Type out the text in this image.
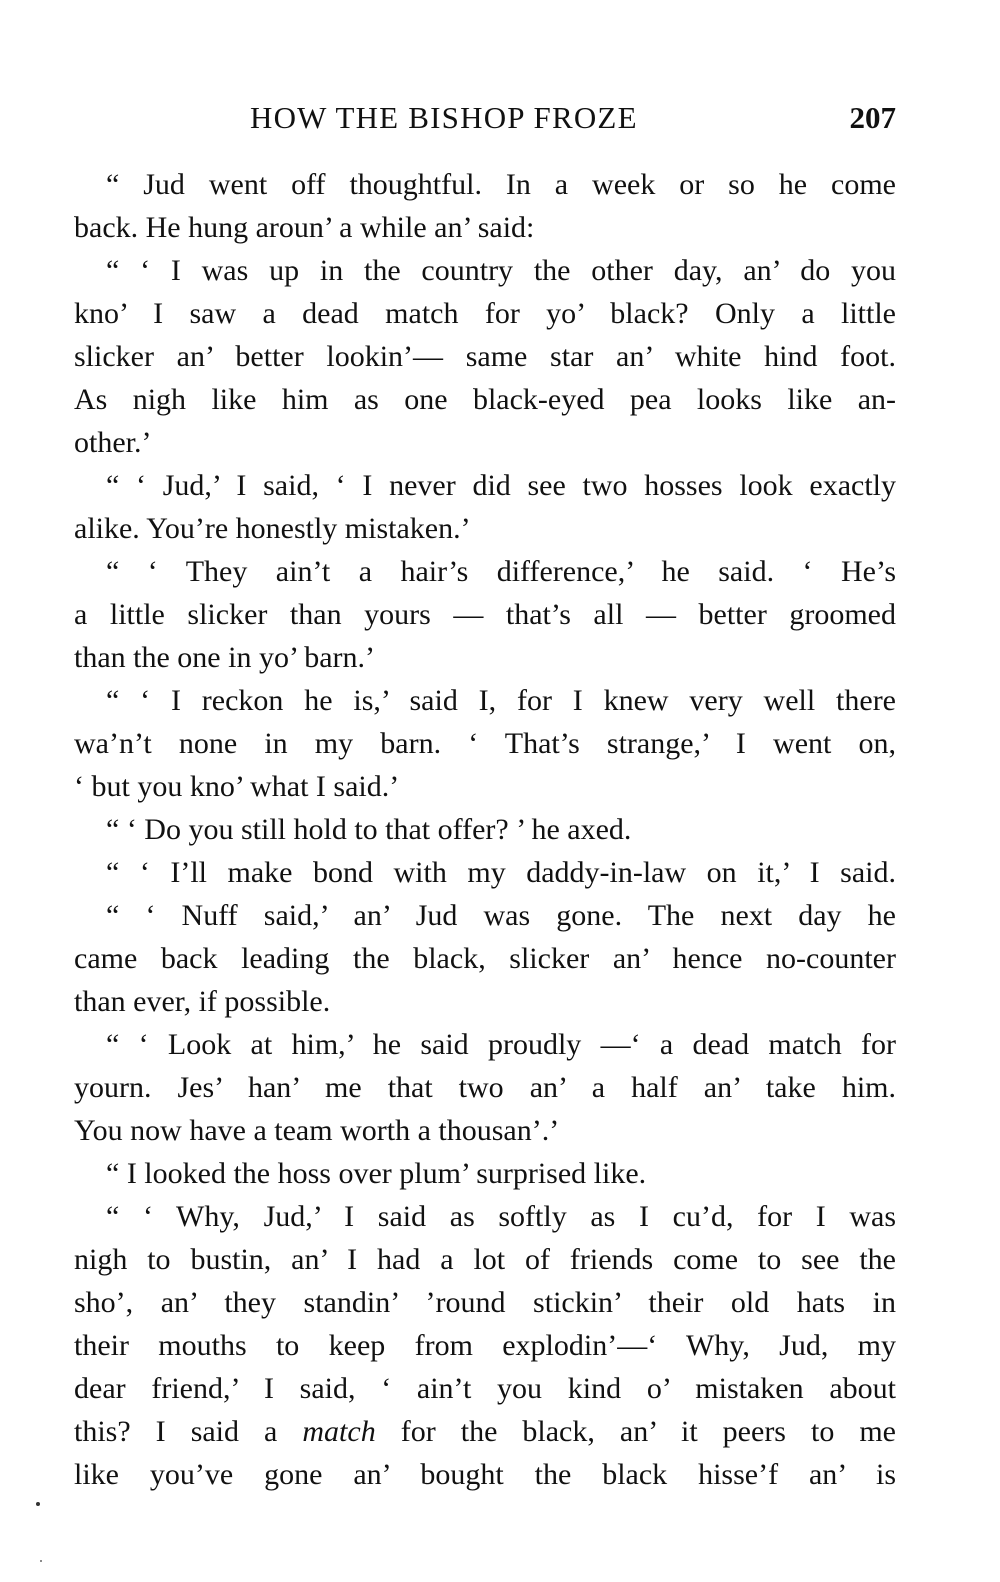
HOW THE BISHOP FROZE	207
“ Jud went off thoughtful. In a week or so he come
back. He hung aroun’ a while an’ said:
“ ‘ I was up in the country the other day, an’ do you
kno’ I saw a dead match for yo’ black? Only a little
slicker an’ better lookin’— same star an’ white hind foot.
As nigh like him as one black-eyed pea looks like an-
other.’
“ ‘ Jud,’ I said, ‘ I never did see two hosses look exactly
alike. You’re honestly mistaken.’
“ ‘ They ain’t a hair’s difference,’ he said. ‘ He’s
a little slicker than yours — that’s all — better groomed
than the one in yo’ barn.’
“ ‘ I reckon he is,’ said I, for I knew very well there
wa’n’t none in my barn. ‘ That’s strange,’ I went on,
‘ but you kno’ what I said.’
“ ‘ Do you still hold to that offer? ’ he axed.
“ ‘ I’ll make bond with my daddy-in-law on it,’ I said.
“ ‘ Nuff said,’ an’ Jud was gone. The next day he
came back leading the black, slicker an’ hence no-counter
than ever, if possible.
“ ‘ Look at him,’ he said proudly —‘ a dead match for
yourn. Jes’ han’ me that two an’ a half an’ take him.
You now have a team worth a thousan’.’
“ I looked the hoss over plum’ surprised like.
“ ‘ Why, Jud,’ I said as softly as I cu’d, for I was
nigh to bustin, an’ I had a lot of friends come to see the
sho’, an’ they standin’ ’round stickin’ their old hats in
their mouths to keep from explodin’—‘ Why, Jud, my
dear friend,’ I said, ‘ ain’t you kind o’ mistaken about
this? I said a match for the black, an’ it peers to me
like you’ve gone an’ bought the black hisse’f an’ is
